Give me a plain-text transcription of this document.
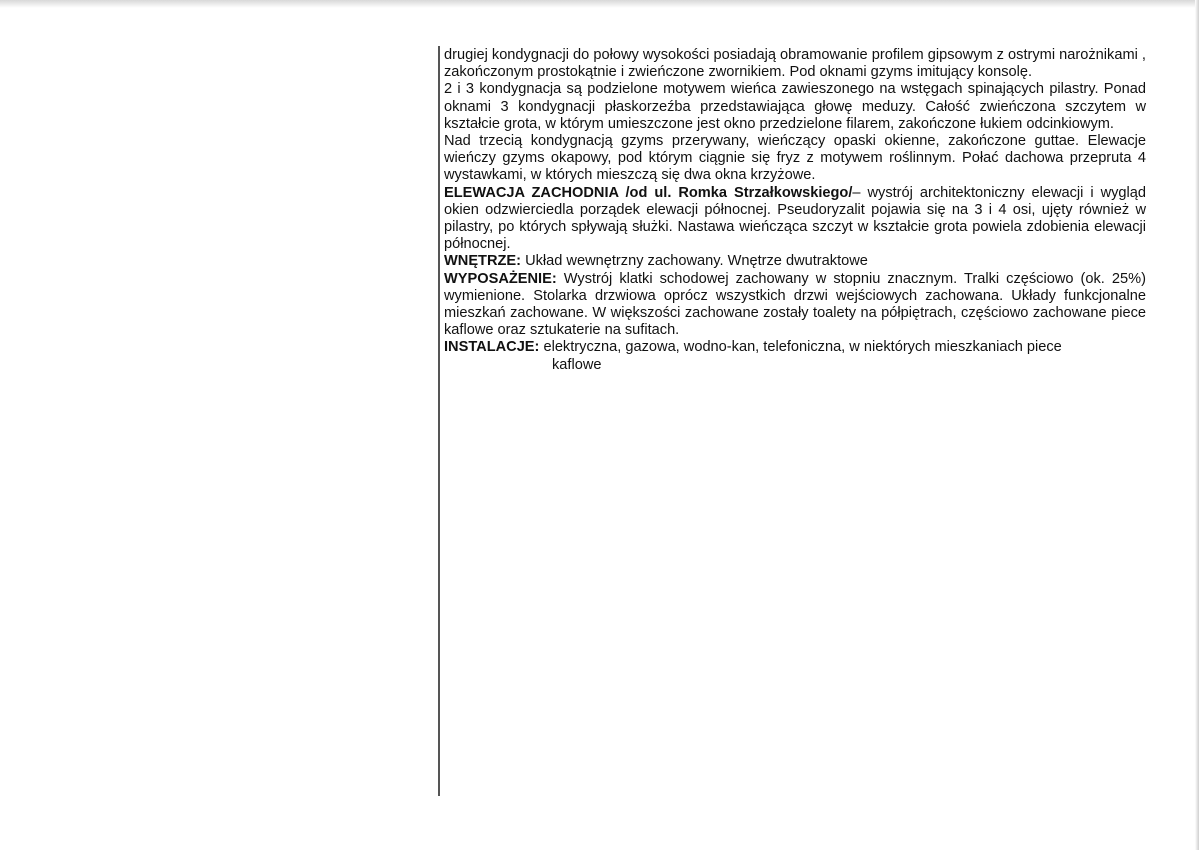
drugiej kondygnacji do połowy wysokości posiadają obramowanie profilem gipsowym z ostrymi narożnikami , zakończonym prostokątnie i zwieńczone zwornikiem. Pod oknami gzyms imitujący konsolę.

2 i 3 kondygnacja są podzielone motywem wieńca zawieszonego na wstęgach spinających pilastry. Ponad oknami 3 kondygnacji płaskorzeźba przedstawiająca głowę meduzy. Całość zwieńczona szczytem w kształcie grota, w którym umieszczone jest okno przedzielone filarem, zakończone łukiem odcinkiowym.

Nad trzecią kondygnacją gzyms przerywany, wieńczący opaski okienne, zakończone guttae. Elewacje wieńczy gzyms okapowy, pod którym ciągnie się fryz z motywem roślinnym. Połać dachowa przepruta 4 wystawkami, w których mieszczą się dwa okna krzyżowe.

ELEWACJA ZACHODNIA /od ul. Romka Strzałkowskiego/– wystrój architektoniczny elewacji i wygląd okien odzwierciedla porządek elewacji północnej. Pseudoryzalit pojawia się na 3 i 4 osi, ujęty również w pilastry, po których spływają służki. Nastawa wieńcząca szczyt w kształcie grota powiela zdobienia elewacji północnej.

WNĘTRZE: Układ wewnętrzny zachowany. Wnętrze dwutraktowe

WYPOSAŻENIE: Wystrój klatki schodowej zachowany w stopniu znacznym. Tralki częściowo (ok. 25%) wymienione. Stolarka drzwiowa oprócz wszystkich drzwi wejściowych zachowana. Układy funkcjonalne mieszkań zachowane. W większości zachowane zostały toalety na półpiętrach, częściowo zachowane piece kaflowe oraz sztukaterie na sufitach.

INSTALACJE: elektryczna, gazowa, wodno-kan, telefoniczna, w niektórych mieszkaniach piece

kaflowe
